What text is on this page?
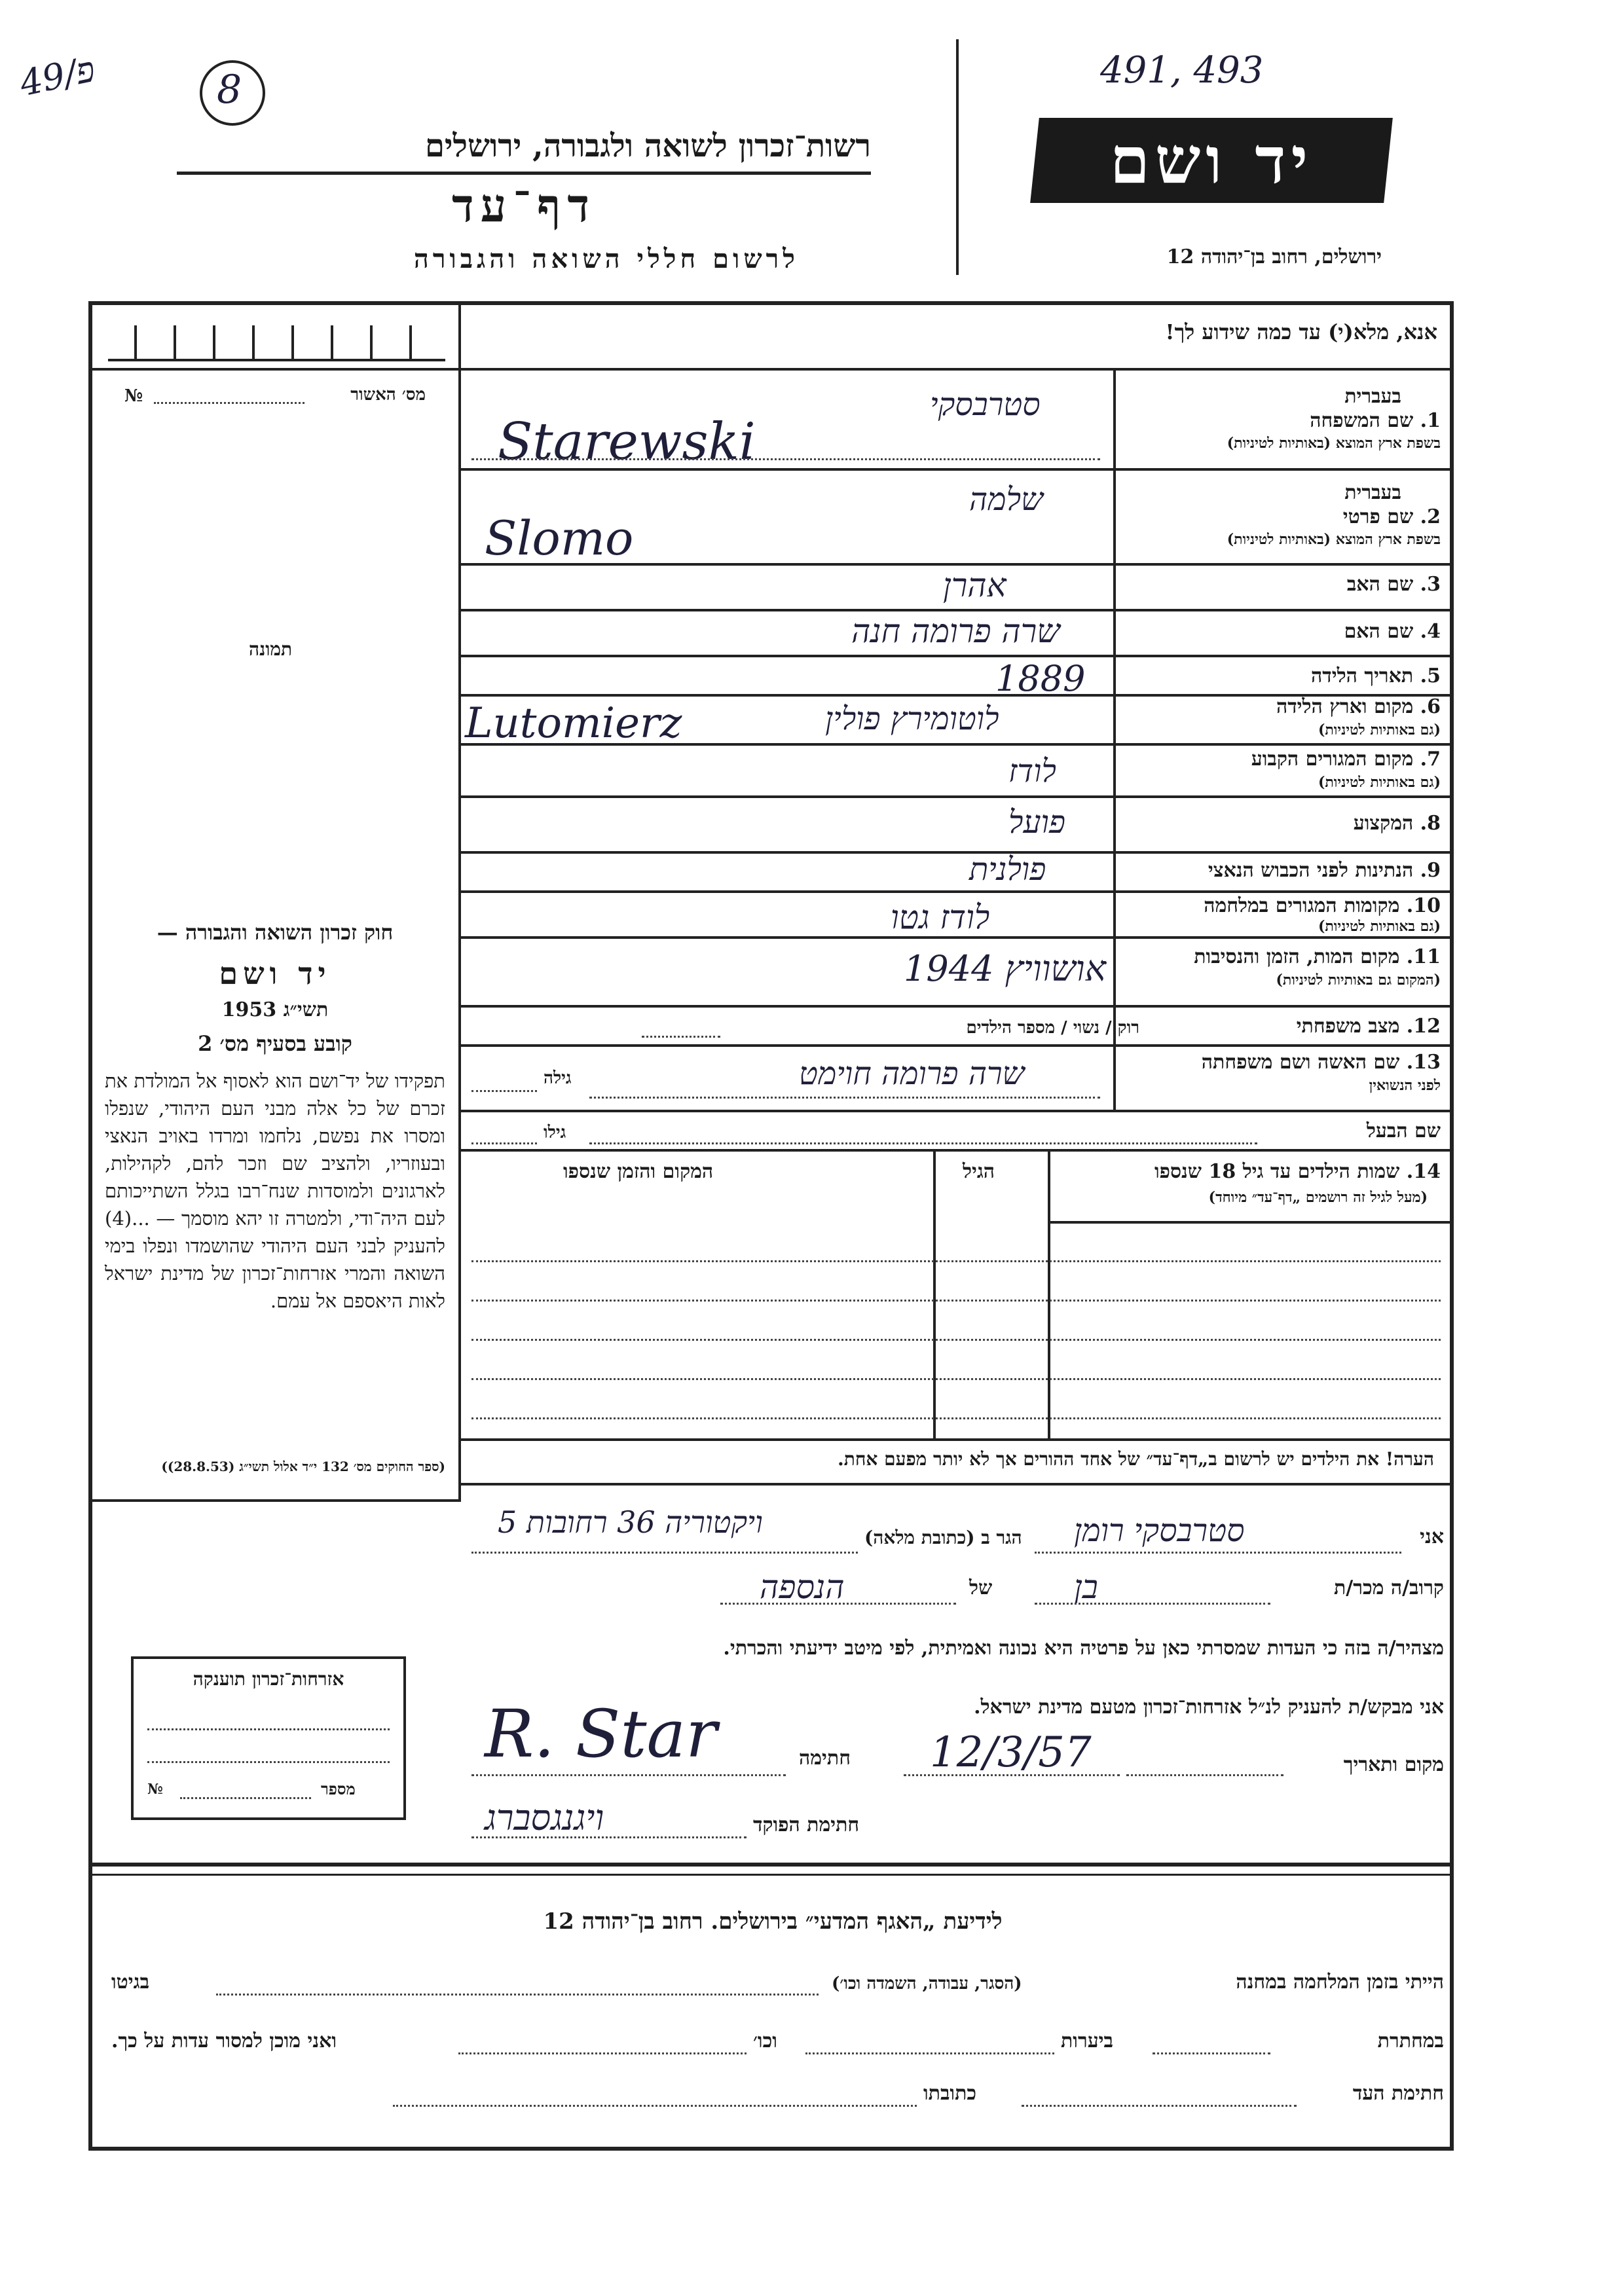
פ/49	8	491, 493
רשות־זכרון לשואה ולגבורה, ירושלים
דף־עד
לרשום חללי השואה והגבורה
יד ושם
ירושלים, רחוב בן־יהודה 12
אנא, מלא(י) עד כמה שידוע לך!
№	מס׳ האשור
תמונה
בעברית
1. שם המשפחה
בשפת ארץ המוצא (באותיות לטיניות)
סטרבסקי
Starewski
בעברית
2. שם פרטי
בשפת ארץ המוצא (באותיות לטיניות)
שלמה
Slomo
3. שם האב
אהרן
4. שם האם
שרה פרומה חנה
5. תאריך הלידה
1889
6. מקום וארץ הלידה
(גם באותיות לטיניות)
לוטומירץ פולין
Lutomierz
7. מקום המגורים הקבוע
(גם באותיות לטיניות)
לודז
8. המקצוע
פועל
9. הנתינות לפני הכבוש הנאצי
פולנית
10. מקומות המגורים במלחמה
(גם באותיות לטיניות)
לודז גטו
11. מקום המות, הזמן והנסיבות
(המקום גם באותיות לטיניות)
אושוויץ 1944
12. מצב משפחתי
רוק / נשוי / מספר הילדים
13. שם האשה ושם משפחתה
לפני הנשואין
שרה פרומה חוימט
גילה
שם הבעל
גילו
14. שמות הילדים עד גיל 18 שנספו
(מעל לגיל זה רושמים „דף־עד״ מיוחד)
הגיל
המקום והזמן שנספו
חוק זכרון השואה והגבורה —
יד ושם
תשי״ג 1953
קובע בסעיף מס׳ 2
תפקידו של יד־ושם הוא לאסוף אל המולדת את זכרם של כל אלה מבני העם היהודי, שנפלו ומסרו את נפשם, נלחמו ומרדו באויב הנאצי ובעוזריו, ולהציב שם וזכר להם, לקהילות, לארגונים ולמוסדות שנח־רבו בגלל השתייכותם לעם היה־ודי, ולמטרה זו יהא מוסמך — ...(4) להעניק לבני העם היהודי שהושמדו ונפלו בימי השואה והמרי אזרחות־זכרון של מדינת ישראל לאות היאספם אל עמם.
(ספר החוקים מס׳ 132 י״ד אלול תשי״ג (28.8.53))	הערה! את הילדים יש לרשום ב„דף־עד״ של אחד ההורים אך לא יותר מפעם אחת.
אני
סטרבסקי רומן
הגר ב (כתובת מלאה)
ויקטוריה 36 רחובות 5
קרוב/ה מכר/ת
בן
של
הנספה
מצהיר/ה בזה כי העדות שמסרתי כאן על פרטיה היא נכונה ואמיתית, לפי מיטב ידיעתי והכרתי.
אני מבקש/ת להעניק לנ״ל אזרחות־זכרון מטעם מדינת ישראל.
מקום ותאריך
12/3/57
חתימה
R. Star
חתימת הפוקד
ויגנגסברג
אזרחות־זכרון תוענקה
№	מספר
לידיעת „האגף המדעי״ בירושלים. רחוב בן־יהודה 12
הייתי בזמן המלחמה במחנה
(הסגר, עבודה, השמדה וכו׳)
בגיטו
במחתרת
ביערות
וכו׳
ואני מוכן למסור עדות על כך.
חתימת העד
כתובתו
